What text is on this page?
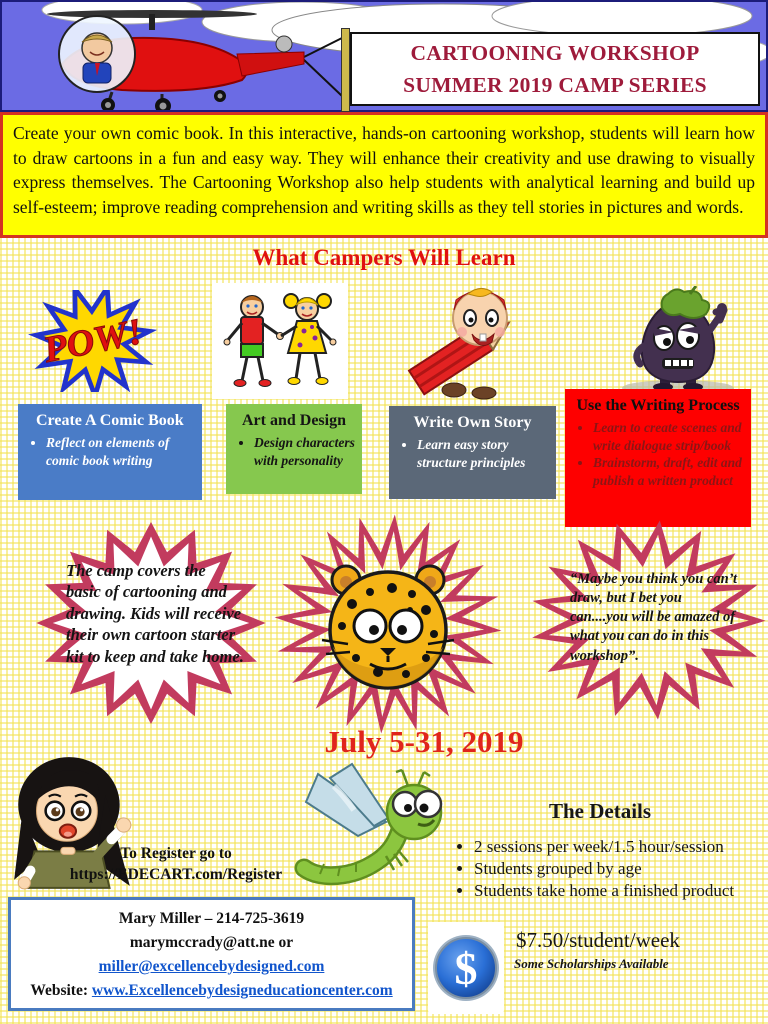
CARTOONING WORKSHOP
SUMMER 2019 CAMP SERIES

Create your own comic book. In this interactive, hands-on cartooning workshop, students will learn how to draw cartoons in a fun and easy way. They will enhance their creativity and use drawing to visually express themselves. The Cartooning Workshop also help students with analytical learning and build up self-esteem; improve reading comprehension and writing skills as they tell stories in pictures and words.

What Campers Will Learn
POW!
Create A Comic Book
• Reflect on elements of comic book writing
Art and Design
• Design characters with personality
Write Own Story
• Learn easy story structure principles
Use the Writing Process
• Learn to create scenes and write dialogue strip/book
• Brainstorm, draft, edit and publish a written product
The camp covers the basic of cartooning and drawing. Kids will receive their own cartoon starter kit to keep and take home.
“Maybe you think you can’t draw, but I bet you can....you will be amazed of what you can do in this workshop”.
July 5-31, 2019
To Register go to
https://EDECART.com/Register
The Details
• 2 sessions per week/1.5 hour/session
• Students grouped by age
• Students take home a finished product
Mary Miller – 214-725-3619
marymccrady@att.ne or
miller@excellencebydesigned.com
Website: www.Excellencebydesigneducationcenter.com	$
$7.50/student/week
Some Scholarships Available
